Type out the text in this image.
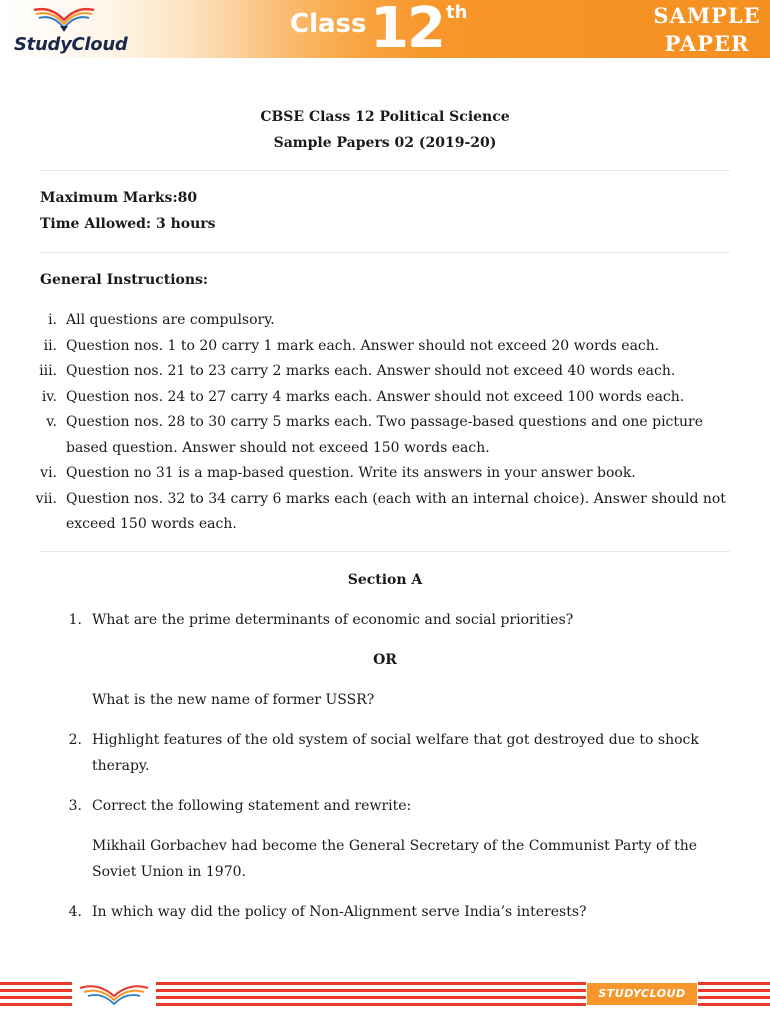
StudyCloud
Class 12 th	SAMPLE
PAPER
CBSE Class 12 Political Science
Sample Papers 02 (2019-20)
Maximum Marks:80
Time Allowed: 3 hours
General Instructions:
i. All questions are compulsory.
ii. Question nos. 1 to 20 carry 1 mark each. Answer should not exceed 20 words each.
iii. Question nos. 21 to 23 carry 2 marks each. Answer should not exceed 40 words each.
iv. Question nos. 24 to 27 carry 4 marks each. Answer should not exceed 100 words each.
v. Question nos. 28 to 30 carry 5 marks each. Two passage-based questions and one picture based question. Answer should not exceed 150 words each.
vi. Question no 31 is a map-based question. Write its answers in your answer book.
vii. Question nos. 32 to 34 carry 6 marks each (each with an internal choice). Answer should not exceed 150 words each.
Section A
1. What are the prime determinants of economic and social priorities?
OR
What is the new name of former USSR?
2. Highlight features of the old system of social welfare that got destroyed due to shock therapy.
3. Correct the following statement and rewrite:
Mikhail Gorbachev had become the General Secretary of the Communist Party of the Soviet Union in 1970.
4. In which way did the policy of Non-Alignment serve India’s interests?
STUDYCLOUD
